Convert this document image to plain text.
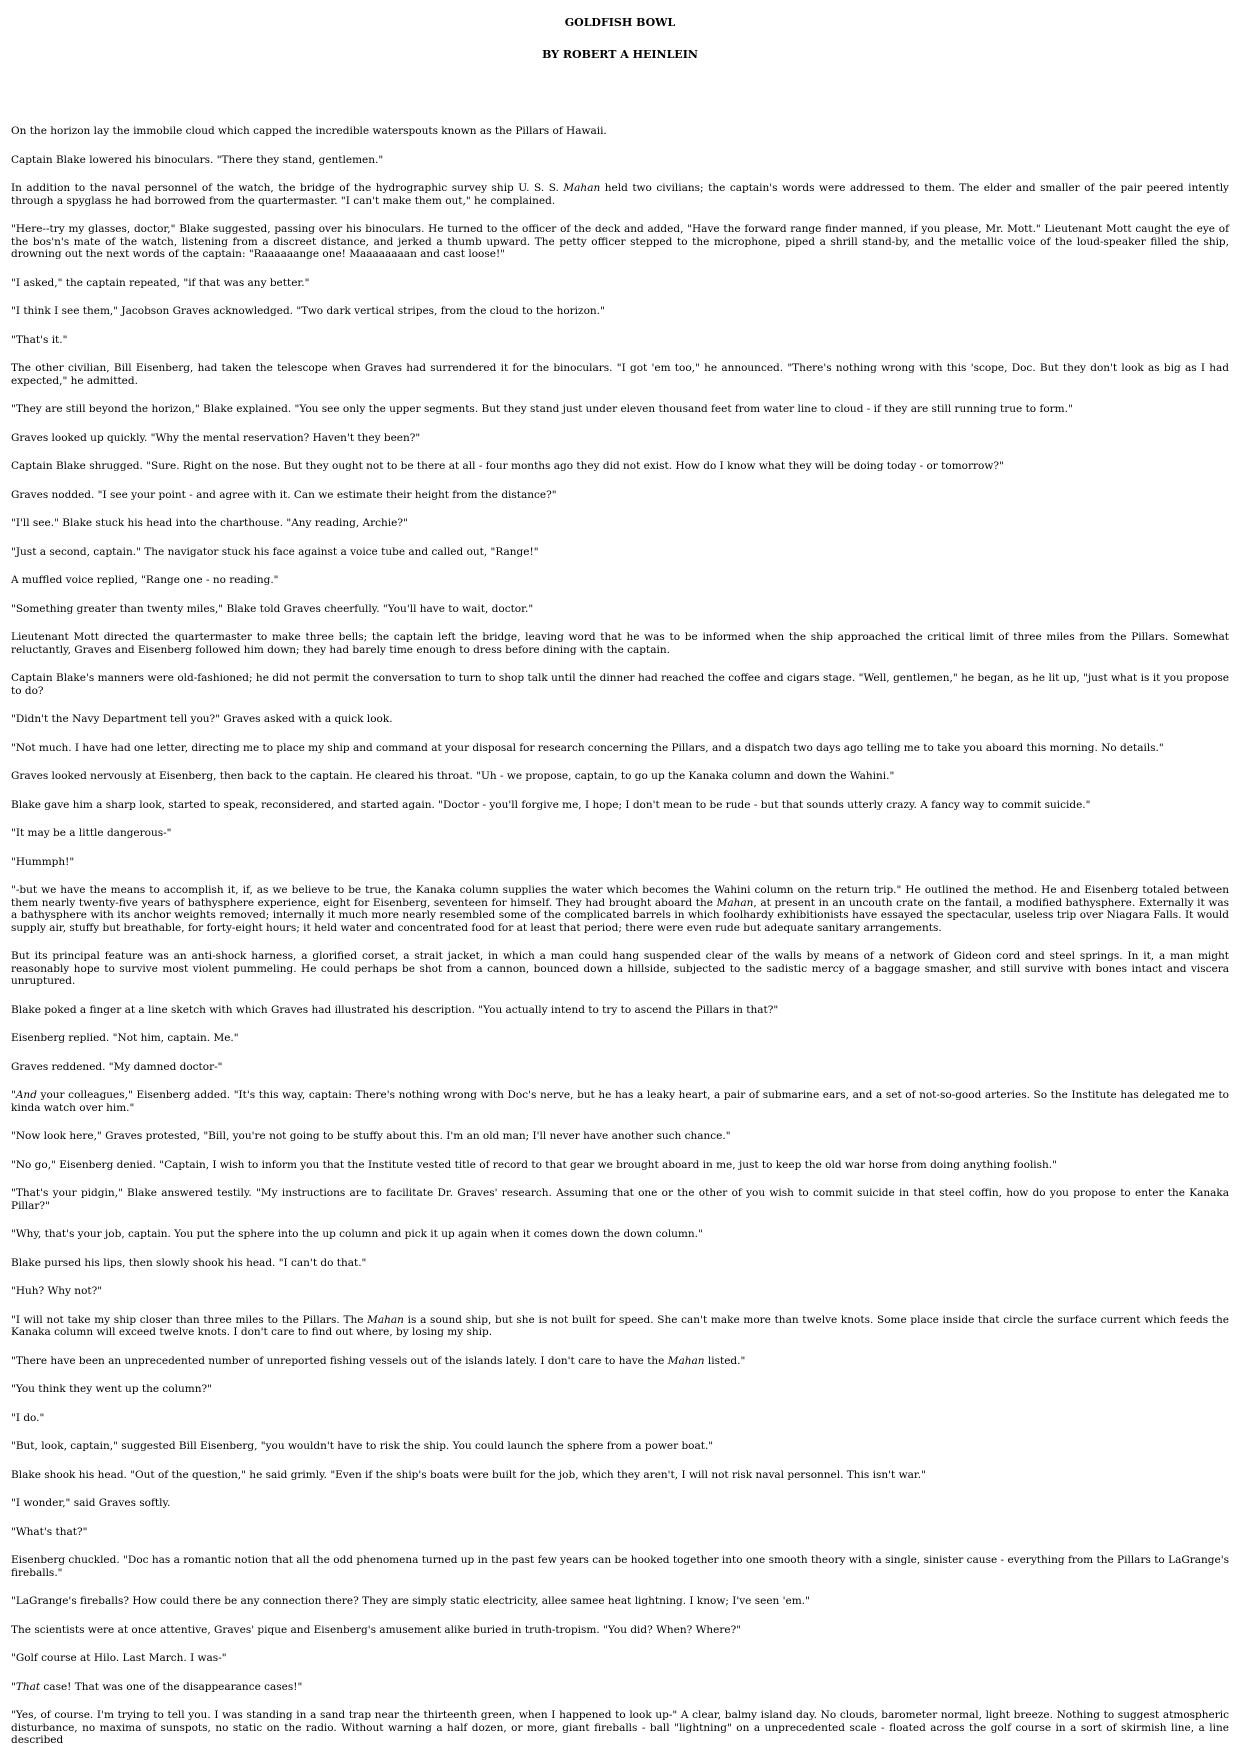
GOLDFISH BOWL
BY ROBERT A HEINLEIN

On the horizon lay the immobile cloud which capped the incredible waterspouts known as the Pillars of Hawaii.

Captain Blake lowered his binoculars. "There they stand, gentlemen."

In addition to the naval personnel of the watch, the bridge of the hydrographic survey ship U. S. S. Mahan held two civilians; the captain's words were addressed to them. The elder and smaller of the pair peered intently through a spyglass he had borrowed from the quartermaster. "I can't make them out," he complained.

"Here--try my glasses, doctor," Blake suggested, passing over his binoculars. He turned to the officer of the deck and added, "Have the forward range finder manned, if you please, Mr. Mott." Lieutenant Mott caught the eye of the bos'n's mate of the watch, listening from a discreet distance, and jerked a thumb upward. The petty officer stepped to the microphone, piped a shrill stand-by, and the metallic voice of the loud-speaker filled the ship, drowning out the next words of the captain: "Raaaaaange one! Maaaaaaaan and cast loose!"

"I asked," the captain repeated, "if that was any better."

"I think I see them," Jacobson Graves acknowledged. "Two dark vertical stripes, from the cloud to the horizon."

"That's it."

The other civilian, Bill Eisenberg, had taken the telescope when Graves had surrendered it for the binoculars. "I got 'em too," he announced. "There's nothing wrong with this 'scope, Doc. But they don't look as big as I had expected," he admitted.

"They are still beyond the horizon," Blake explained. "You see only the upper segments. But they stand just under eleven thousand feet from water line to cloud - if they are still running true to form."

Graves looked up quickly. "Why the mental reservation? Haven't they been?"

Captain Blake shrugged. "Sure. Right on the nose. But they ought not to be there at all - four months ago they did not exist. How do I know what they will be doing today - or tomorrow?"

Graves nodded. "I see your point - and agree with it. Can we estimate their height from the distance?"

"I'll see." Blake stuck his head into the charthouse. "Any reading, Archie?"

"Just a second, captain." The navigator stuck his face against a voice tube and called out, "Range!"

A muffled voice replied, "Range one - no reading."

"Something greater than twenty miles," Blake told Graves cheerfully. "You'll have to wait, doctor."

Lieutenant Mott directed the quartermaster to make three bells; the captain left the bridge, leaving word that he was to be informed when the ship approached the critical limit of three miles from the Pillars. Somewhat reluctantly, Graves and Eisenberg followed him down; they had barely time enough to dress before dining with the captain.

Captain Blake's manners were old-fashioned; he did not permit the conversation to turn to shop talk until the dinner had reached the coffee and cigars stage. "Well, gentlemen," he began, as he lit up, "just what is it you propose to do?

"Didn't the Navy Department tell you?" Graves asked with a quick look.

"Not much. I have had one letter, directing me to place my ship and command at your disposal for research concerning the Pillars, and a dispatch two days ago telling me to take you aboard this morning. No details."

Graves looked nervously at Eisenberg, then back to the captain. He cleared his throat. "Uh - we propose, captain, to go up the Kanaka column and down the Wahini."

Blake gave him a sharp look, started to speak, reconsidered, and started again. "Doctor - you'll forgive me, I hope; I don't mean to be rude - but that sounds utterly crazy. A fancy way to commit suicide."

"It may be a little dangerous-"

"Hummph!"

"-but we have the means to accomplish it, if, as we believe to be true, the Kanaka column supplies the water which becomes the Wahini column on the return trip." He outlined the method. He and Eisenberg totaled between them nearly twenty-five years of bathysphere experience, eight for Eisenberg, seventeen for himself. They had brought aboard the Mahan, at present in an uncouth crate on the fantail, a modified bathysphere. Externally it was a bathysphere with its anchor weights removed; internally it much more nearly resembled some of the complicated barrels in which foolhardy exhibitionists have essayed the spectacular, useless trip over Niagara Falls. It would supply air, stuffy but breathable, for forty-eight hours; it held water and concentrated food for at least that period; there were even rude but adequate sanitary arrangements.

But its principal feature was an anti-shock harness, a glorified corset, a strait jacket, in which a man could hang suspended clear of the walls by means of a network of Gideon cord and steel springs. In it, a man might reasonably hope to survive most violent pummeling. He could perhaps be shot from a cannon, bounced down a hillside, subjected to the sadistic mercy of a baggage smasher, and still survive with bones intact and viscera unruptured.

Blake poked a finger at a line sketch with which Graves had illustrated his description. "You actually intend to try to ascend the Pillars in that?"

Eisenberg replied. "Not him, captain. Me."

Graves reddened. "My damned doctor-"

"And your colleagues," Eisenberg added. "It's this way, captain: There's nothing wrong with Doc's nerve, but he has a leaky heart, a pair of submarine ears, and a set of not-so-good arteries. So the Institute has delegated me to kinda watch over him."

"Now look here," Graves protested, "Bill, you're not going to be stuffy about this. I'm an old man; I'll never have another such chance."

"No go," Eisenberg denied. "Captain, I wish to inform you that the Institute vested title of record to that gear we brought aboard in me, just to keep the old war horse from doing anything foolish."

"That's your pidgin," Blake answered testily. "My instructions are to facilitate Dr. Graves' research. Assuming that one or the other of you wish to commit suicide in that steel coffin, how do you propose to enter the Kanaka Pillar?"

"Why, that's your job, captain. You put the sphere into the up column and pick it up again when it comes down the down column."

Blake pursed his lips, then slowly shook his head. "I can't do that."

"Huh? Why not?"

"I will not take my ship closer than three miles to the Pillars. The Mahan is a sound ship, but she is not built for speed. She can't make more than twelve knots. Some place inside that circle the surface current which feeds the Kanaka column will exceed twelve knots. I don't care to find out where, by losing my ship.

"There have been an unprecedented number of unreported fishing vessels out of the islands lately. I don't care to have the Mahan listed."

"You think they went up the column?"

"I do."

"But, look, captain," suggested Bill Eisenberg, "you wouldn't have to risk the ship. You could launch the sphere from a power boat."

Blake shook his head. "Out of the question," he said grimly. "Even if the ship's boats were built for the job, which they aren't, I will not risk naval personnel. This isn't war."

"I wonder," said Graves softly.

"What's that?"

Eisenberg chuckled. "Doc has a romantic notion that all the odd phenomena turned up in the past few years can be hooked together into one smooth theory with a single, sinister cause - everything from the Pillars to LaGrange's fireballs."

"LaGrange's fireballs? How could there be any connection there? They are simply static electricity, allee samee heat lightning. I know; I've seen 'em."

The scientists were at once attentive, Graves' pique and Eisenberg's amusement alike buried in truth-tropism. "You did? When? Where?"

"Golf course at Hilo. Last March. I was-"

"That case! That was one of the disappearance cases!"

"Yes, of course. I'm trying to tell you. I was standing in a sand trap near the thirteenth green, when I happened to look up-" A clear, balmy island day. No clouds, barometer normal, light breeze. Nothing to suggest atmospheric disturbance, no maxima of sunspots, no static on the radio. Without warning a half dozen, or more, giant fireballs - ball "lightning" on a unprecedented scale - floated across the golf course in a sort of skirmish line, a line described
